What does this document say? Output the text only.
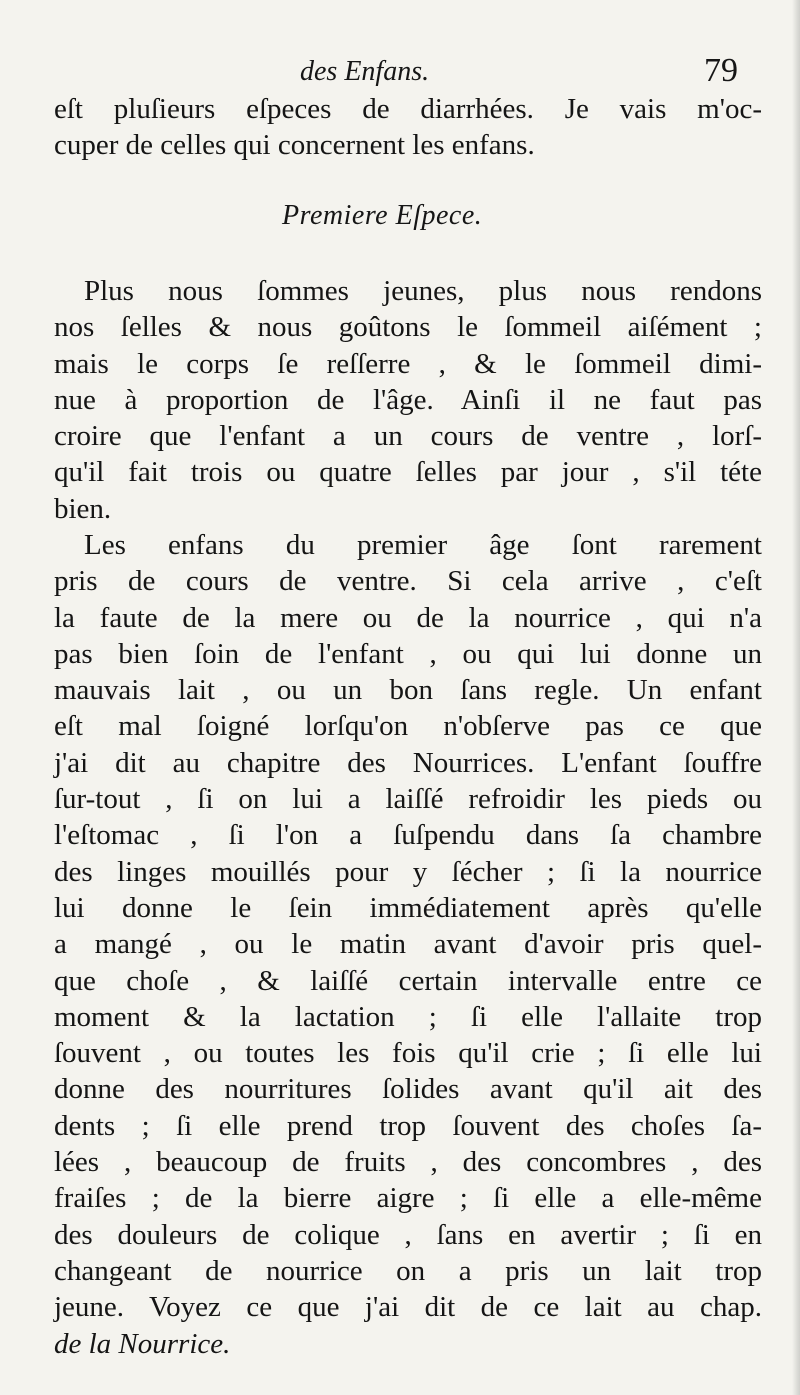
des Enfans.	79
eſt pluſieurs eſpeces de diarrhées. Je vais m'oc-
cuper de celles qui concernent les enfans.
Premiere Eſpece.
Plus nous ſommes jeunes, plus nous rendons
nos ſelles & nous goûtons le ſommeil aiſément ;
mais le corps ſe reſſerre , & le ſommeil dimi-
nue à proportion de l'âge. Ainſi il ne faut pas
croire que l'enfant a un cours de ventre , lorſ-
qu'il fait trois ou quatre ſelles par jour , s'il téte
bien.
Les enfans du premier âge ſont rarement
pris de cours de ventre. Si cela arrive , c'eſt
la faute de la mere ou de la nourrice , qui n'a
pas bien ſoin de l'enfant , ou qui lui donne un
mauvais lait , ou un bon ſans regle. Un enfant
eſt mal ſoigné lorſqu'on n'obſerve pas ce que
j'ai dit au chapitre des Nourrices. L'enfant ſouffre
ſur-tout , ſi on lui a laiſſé refroidir les pieds ou
l'eſtomac , ſi l'on a ſuſpendu dans ſa chambre
des linges mouillés pour y ſécher ; ſi la nourrice
lui donne le ſein immédiatement après qu'elle
a mangé , ou le matin avant d'avoir pris quel-
que choſe , & laiſſé certain intervalle entre ce
moment & la lactation ; ſi elle l'allaite trop
ſouvent , ou toutes les fois qu'il crie ; ſi elle lui
donne des nourritures ſolides avant qu'il ait des
dents ; ſi elle prend trop ſouvent des choſes ſa-
lées , beaucoup de fruits , des concombres , des
fraiſes ; de la bierre aigre ; ſi elle a elle-même
des douleurs de colique , ſans en avertir ; ſi en
changeant de nourrice on a pris un lait trop
jeune. Voyez ce que j'ai dit de ce lait au chap.
de la Nourrice.
